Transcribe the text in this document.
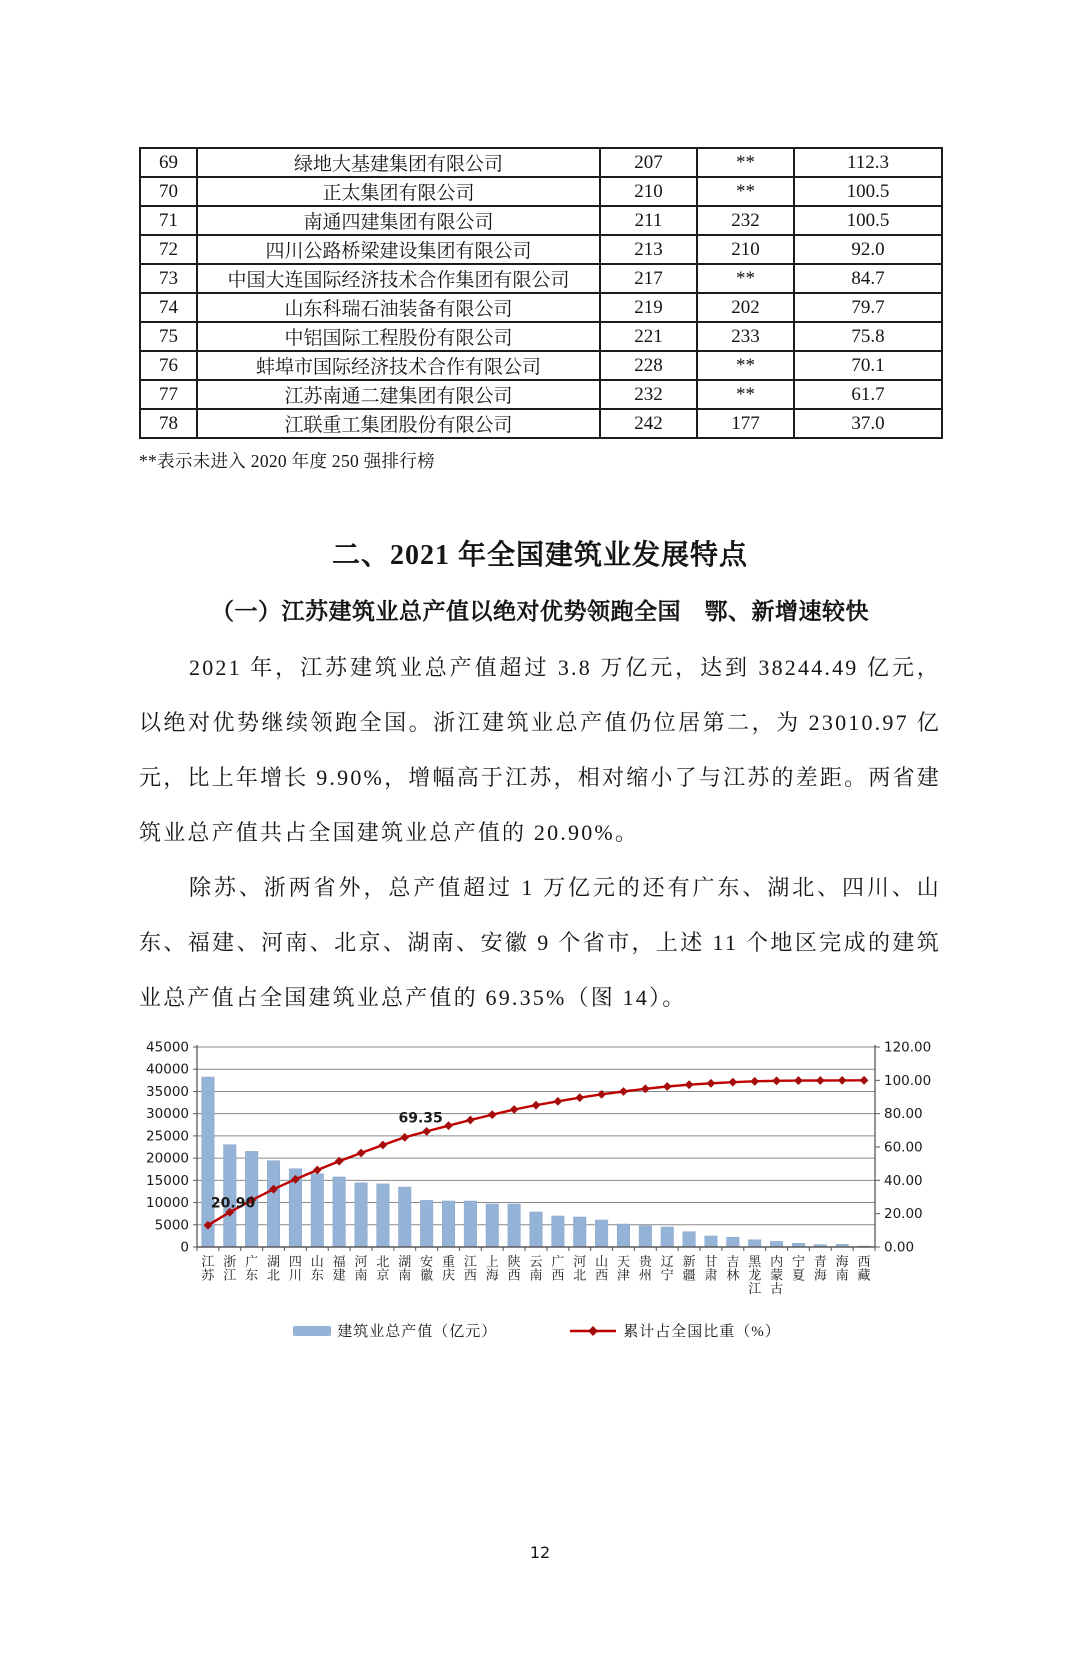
69	绿地大基建集团有限公司	207	**	112.3
70	正太集团有限公司	210	**	100.5
71	南通四建集团有限公司	211	232	100.5
72	四川公路桥梁建设集团有限公司	213	210	92.0
73	中国大连国际经济技术合作集团有限公司	217	**	84.7
74	山东科瑞石油装备有限公司	219	202	79.7
75	中铝国际工程股份有限公司	221	233	75.8
76	蚌埠市国际经济技术合作有限公司	228	**	70.1
77	江苏南通二建集团有限公司	232	**	61.7
78	江联重工集团股份有限公司	242	177	37.0
**表示未进入 2020 年度 250 强排行榜
二、2021 年全国建筑业发展特点
（一）江苏建筑业总产值以绝对优势领跑全国　鄂、新增速较快

2021 年，江苏建筑业总产值超过 3.8 万亿元，达到 38244.49 亿元，以绝对优势继续领跑全国。浙江建筑业总产值仍位居第二，为 23010.97 亿元，比上年增长 9.90%，增幅高于江苏，相对缩小了与江苏的差距。两省建筑业总产值共占全国建筑业总产值的 20.90%。

除苏、浙两省外，总产值超过 1 万亿元的还有广东、湖北、四川、山东、福建、河南、北京、湖南、安徽 9 个省市，上述 11 个地区完成的建筑业总产值占全国建筑业总产值的 69.35%（图 14）。

20.90
69.35
0
5000
10000
15000
20000
25000
30000
35000
40000
45000
0.00
20.00
40.00
60.00
80.00
100.00
120.00
江苏
浙江
广东
湖北
四川
山东
福建
河南
北京
湖南
安徽
重庆
江西
上海
陕西
云南
广西
河北
山西
天津
贵州
辽宁
新疆
甘肃
吉林
黑龙江
内蒙古
宁夏
青海
海南
西藏
建筑业总产值（亿元）	累计占全国比重（%）
12
